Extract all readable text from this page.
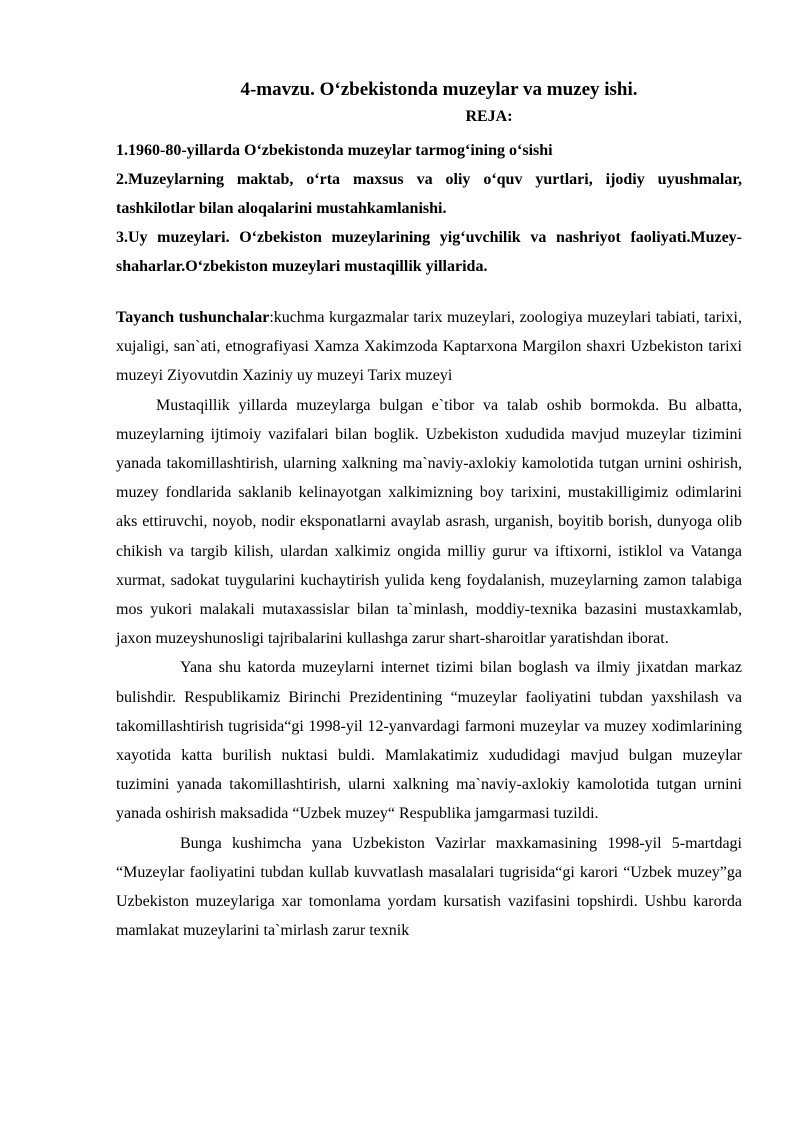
4-mavzu. O‘zbekistonda muzeylar va muzey ishi.
REJA:

1.1960-80-yillarda O‘zbekistonda muzeylar tarmog‘ining o‘sishi

2.Muzeylarning maktab, o‘rta maxsus va oliy o‘quv yurtlari, ijodiy uyushmalar, tashkilotlar bilan aloqalarini mustahkamlanishi.

3.Uy muzeylari. O‘zbekiston muzeylarining yig‘uvchilik va nashriyot faoliyati.Muzey-shaharlar.O‘zbekiston muzeylari mustaqillik yillarida.

Tayanch tushunchalar:kuchma kurgazmalar tarix muzeylari, zoologiya muzeylari tabiati, tarixi, xujaligi, san`ati, etnografiyasi Xamza Xakimzoda Kaptarxona Margilon shaxri Uzbekiston tarixi muzeyi Ziyovutdin Xaziniy uy muzeyi Tarix muzeyi

Mustaqillik yillarda muzeylarga bulgan e`tibor va talab oshib bormokda. Bu albatta, muzeylarning ijtimoiy vazifalari bilan boglik. Uzbekiston xududida mavjud muzeylar tizimini yanada takomillashtirish, ularning xalkning ma`naviy-axlokiy kamolotida tutgan urnini oshirish, muzey fondlarida saklanib kelinayotgan xalkimizning boy tarixini, mustakilligimiz odimlarini aks ettiruvchi, noyob, nodir eksponatlarni avaylab asrash, urganish, boyitib borish, dunyoga olib chikish va targib kilish, ulardan xalkimiz ongida milliy gurur va iftixorni, istiklol va Vatanga xurmat, sadokat tuygularini kuchaytirish yulida keng foydalanish, muzeylarning zamon talabiga mos yukori malakali mutaxassislar bilan ta`minlash, moddiy-texnika bazasini mustaxkamlab, jaxon muzeyshunosligi tajribalarini kullashga zarur shart-sharoitlar yaratishdan iborat.

Yana shu katorda muzeylarni internet tizimi bilan boglash va ilmiy jixatdan markaz bulishdir. Respublikamiz Birinchi Prezidentining “muzeylar faoliyatini tubdan yaxshilash va takomillashtirish tugrisida“gi 1998-yil 12-yanvardagi farmoni muzeylar va muzey xodimlarining xayotida katta burilish nuktasi buldi. Mamlakatimiz xududidagi mavjud bulgan muzeylar tuzimini yanada takomillashtirish, ularni xalkning ma`naviy-axlokiy kamolotida tutgan urnini yanada oshirish maksadida “Uzbek muzey“ Respublika jamgarmasi tuzildi.

Bunga kushimcha yana Uzbekiston Vazirlar maxkamasining 1998-yil 5-martdagi “Muzeylar faoliyatini tubdan kullab kuvvatlash masalalari tugrisida“gi karori “Uzbek muzey”ga Uzbekiston muzeylariga xar tomonlama yordam kursatish vazifasini topshirdi. Ushbu karorda mamlakat muzeylarini ta`mirlash zarur texnik
